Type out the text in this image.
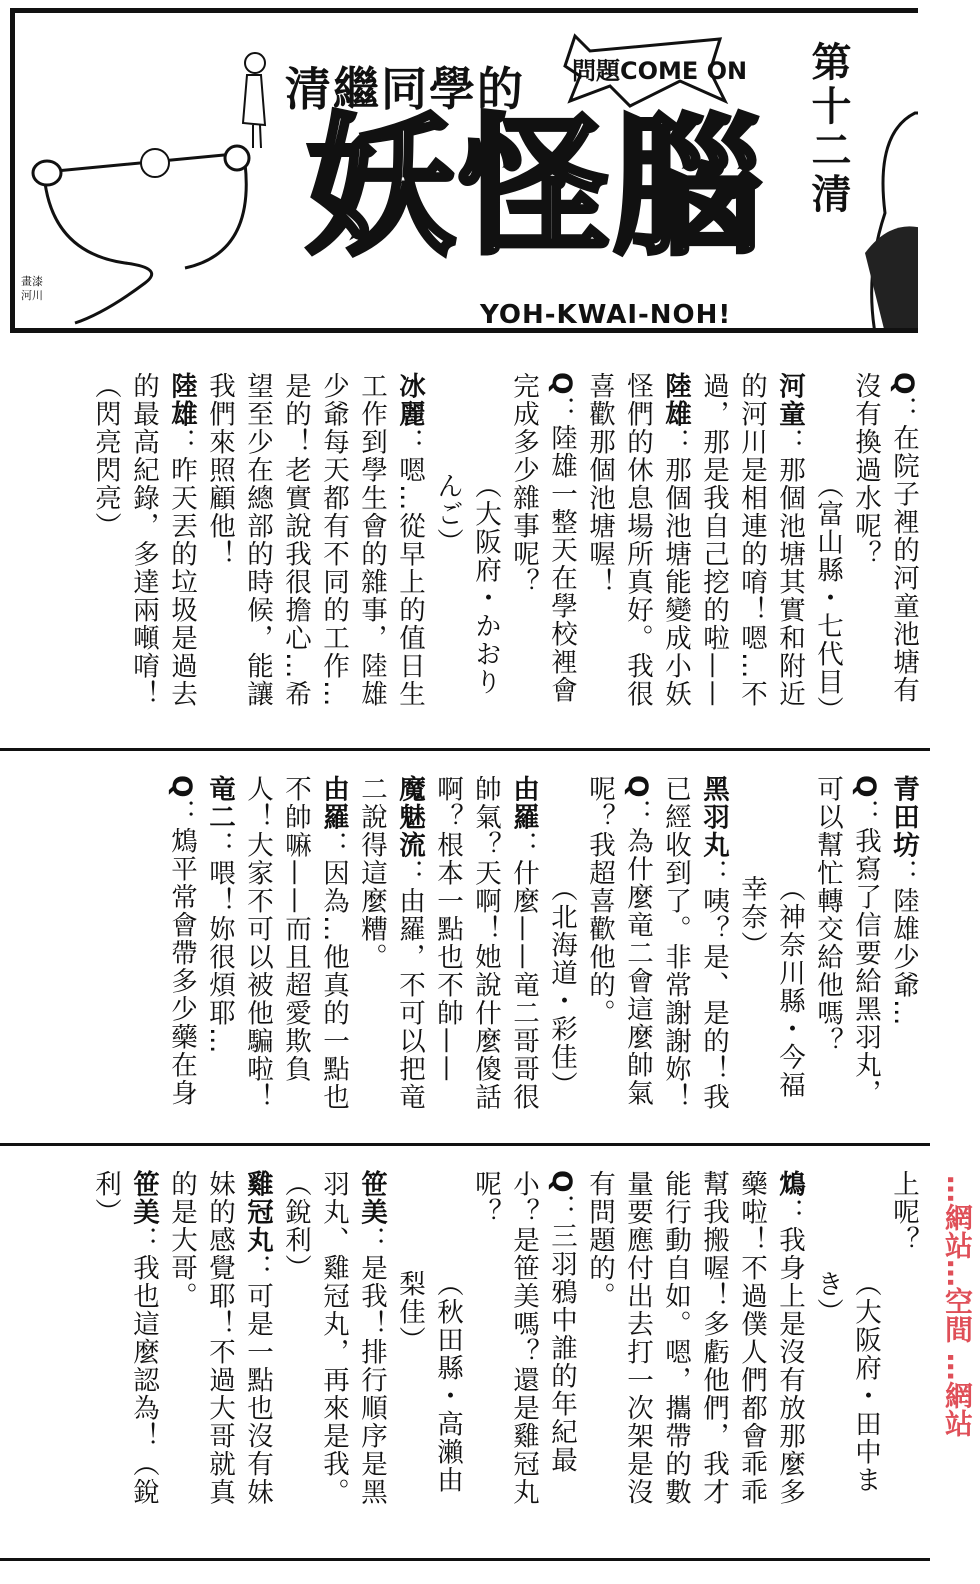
清繼同學的 問題COME ON
妖怪腦 第十二清
YOH-KWAI-NOH!
畫漆 河川

Q：在院子裡的河童池塘有沒有換過水呢？

（富山縣・七代目）

河童：那個池塘其實和附近的河川是相連的唷！嗯…不過，那是我自己挖的啦——

陸雄：那個池塘能變成小妖怪們的休息場所真好。我很喜歡那個池塘喔！

Q：陸雄一整天在學校裡會完成多少雜事呢？

（大阪府・かおりんご）

冰麗：嗯…從早上的值日生工作到學生會的雜事，陸雄少爺每天都有不同的工作…是的！老實說我很擔心…希望至少在總部的時候，能讓我們來照顧他！

陸雄：昨天丟的垃圾是過去的最高紀錄，多達兩噸唷！

（閃亮閃亮）

青田坊：陸雄少爺…

Q：我寫了信要給黑羽丸，可以幫忙轉交給他嗎？

（神奈川縣・今福幸奈）

黑羽丸：咦？是、是的！我已經收到了。非常謝謝妳！

Q：為什麼竜二會這麼帥氣呢？我超喜歡他的。

（北海道・彩佳）

由羅：什麼——竜二哥哥很帥氣？天啊！她說什麼傻話啊？根本一點也不帥——

魔魅流：由羅，不可以把竜二說得這麼糟。

由羅：因為…他真的一點也不帥嘛——而且超愛欺負人！大家不可以被他騙啦！

竜二：喂！妳很煩耶…

Q：鴆平常會帶多少藥在身

上呢？

（大阪府・田中まき）

鴆：我身上是沒有放那麼多藥啦！不過僕人們都會乖乖幫我搬喔！多虧他們，我才能行動自如。嗯，攜帶的數量要應付出去打一次架是沒有問題的。

Q：三羽鴉中誰的年紀最小？是笹美嗎？還是雞冠丸呢？

（秋田縣・高瀨由梨佳）

笹美：是我！排行順序是黑羽丸、雞冠丸，再來是我。（銳利）

雞冠丸：可是一點也沒有妹妹的感覺耶！不過大哥就真的是大哥。

笹美：我也這麼認為！（銳利）	…網站…空間 …網站
